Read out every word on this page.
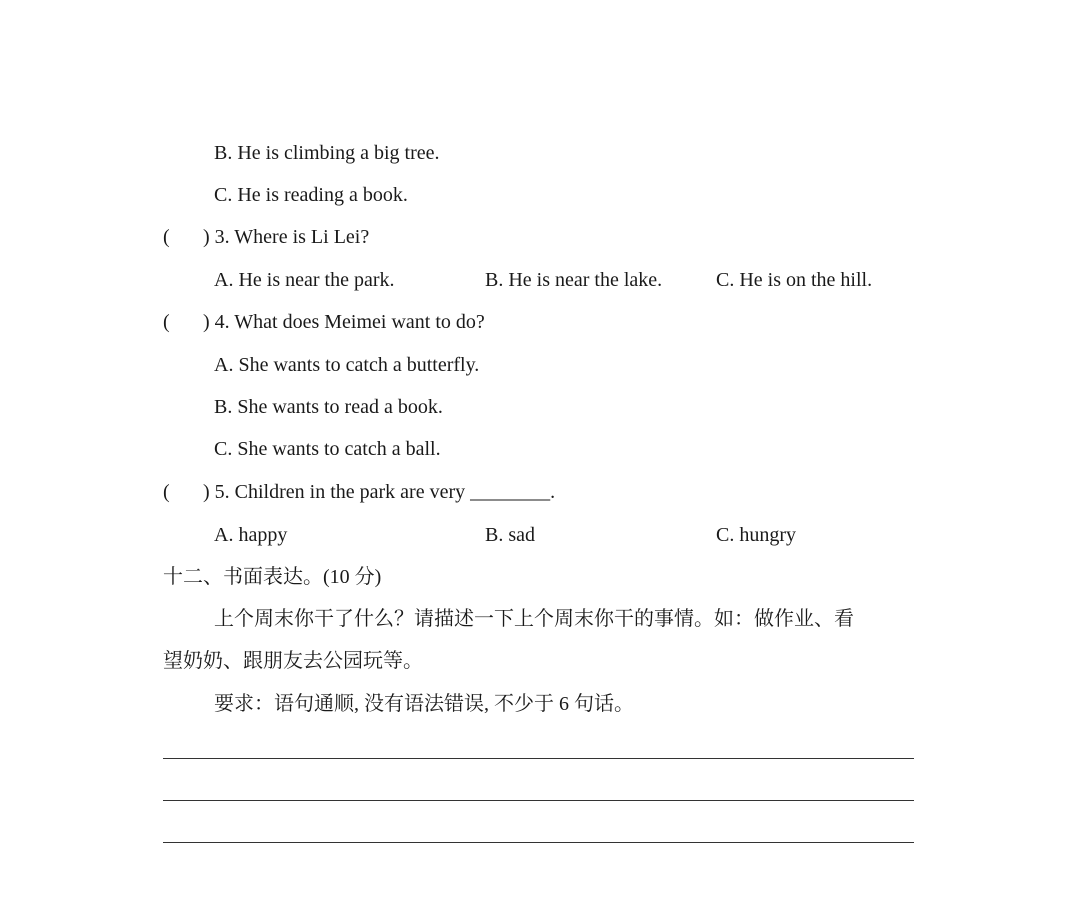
B. He is climbing a big tree.
C. He is reading a book.
( ) 3. Where is Li Lei?
A. He is near the park.	B. He is near the lake.	C. He is on the hill.
( ) 4. What does Meimei want to do?
A. She wants to catch a butterfly.
B. She wants to read a book.
C. She wants to catch a ball.
( ) 5. Children in the park are very ________.
A. happy	B. sad	C. hungry
十二、书面表达。(10 分)
上个周末你干了什么？请描述一下上个周末你干的事情。如：做作业、看
望奶奶、跟朋友去公园玩等。
要求：语句通顺, 没有语法错误, 不少于 6 句话。
